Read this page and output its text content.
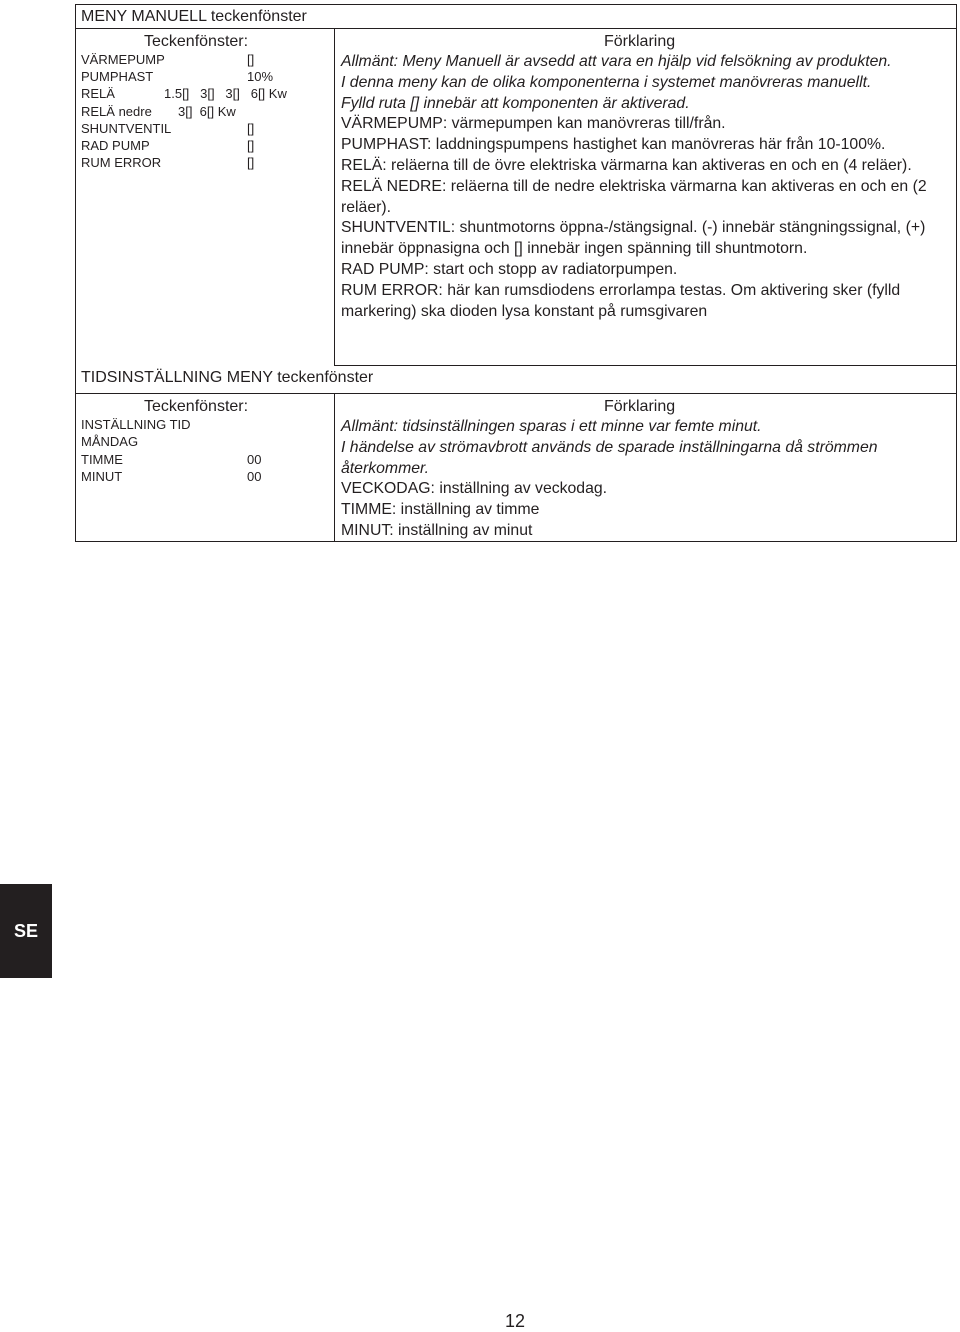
MENY MANUELL teckenfönster
Teckenfönster:	Förklaring
VÄRMEPUMP	[]
PUMPHAST	10%
RELÄ	1.5[]   3[]   3[]   6[] Kw
RELÄ nedre 3[]  6[] Kw
SHUNTVENTIL	[]
RAD PUMP	[]
RUM ERROR	[]

Allmänt: Meny Manuell är avsedd att vara en hjälp vid felsökning av produkten.

I denna meny kan de olika komponenterna i systemet manövreras manuellt.

Fylld ruta [] innebär att komponenten är aktiverad.

VÄRMEPUMP: värmepumpen kan manövreras till/från.

PUMPHAST: laddningspumpens hastighet kan manövreras här från 10-100%.

RELÄ: reläerna till de övre elektriska värmarna kan aktiveras en och en (4 reläer).

RELÄ NEDRE: reläerna till de nedre elektriska värmarna kan aktiveras en och en (2 reläer).

SHUNTVENTIL: shuntmotorns öppna-/stängsignal. (-) innebär stängningssignal, (+) innebär öppnasigna och [] innebär ingen spänning till shuntmotorn.

RAD PUMP: start och stopp av radiatorpumpen.

RUM ERROR: här kan rumsdiodens errorlampa testas. Om aktivering sker (fylld markering) ska dioden lysa konstant på rumsgivaren

TIDSINSTÄLLNING MENY teckenfönster
Teckenfönster:	Förklaring
INSTÄLLNING TID
MÅNDAG
TIMME	00
MINUT	00

Allmänt: tidsinställningen sparas i ett minne var femte minut.

I händelse av strömavbrott används de sparade inställningarna då strömmen återkommer.

VECKODAG: inställning av veckodag.

TIMME: inställning av timme

MINUT: inställning av minut

SE
12
